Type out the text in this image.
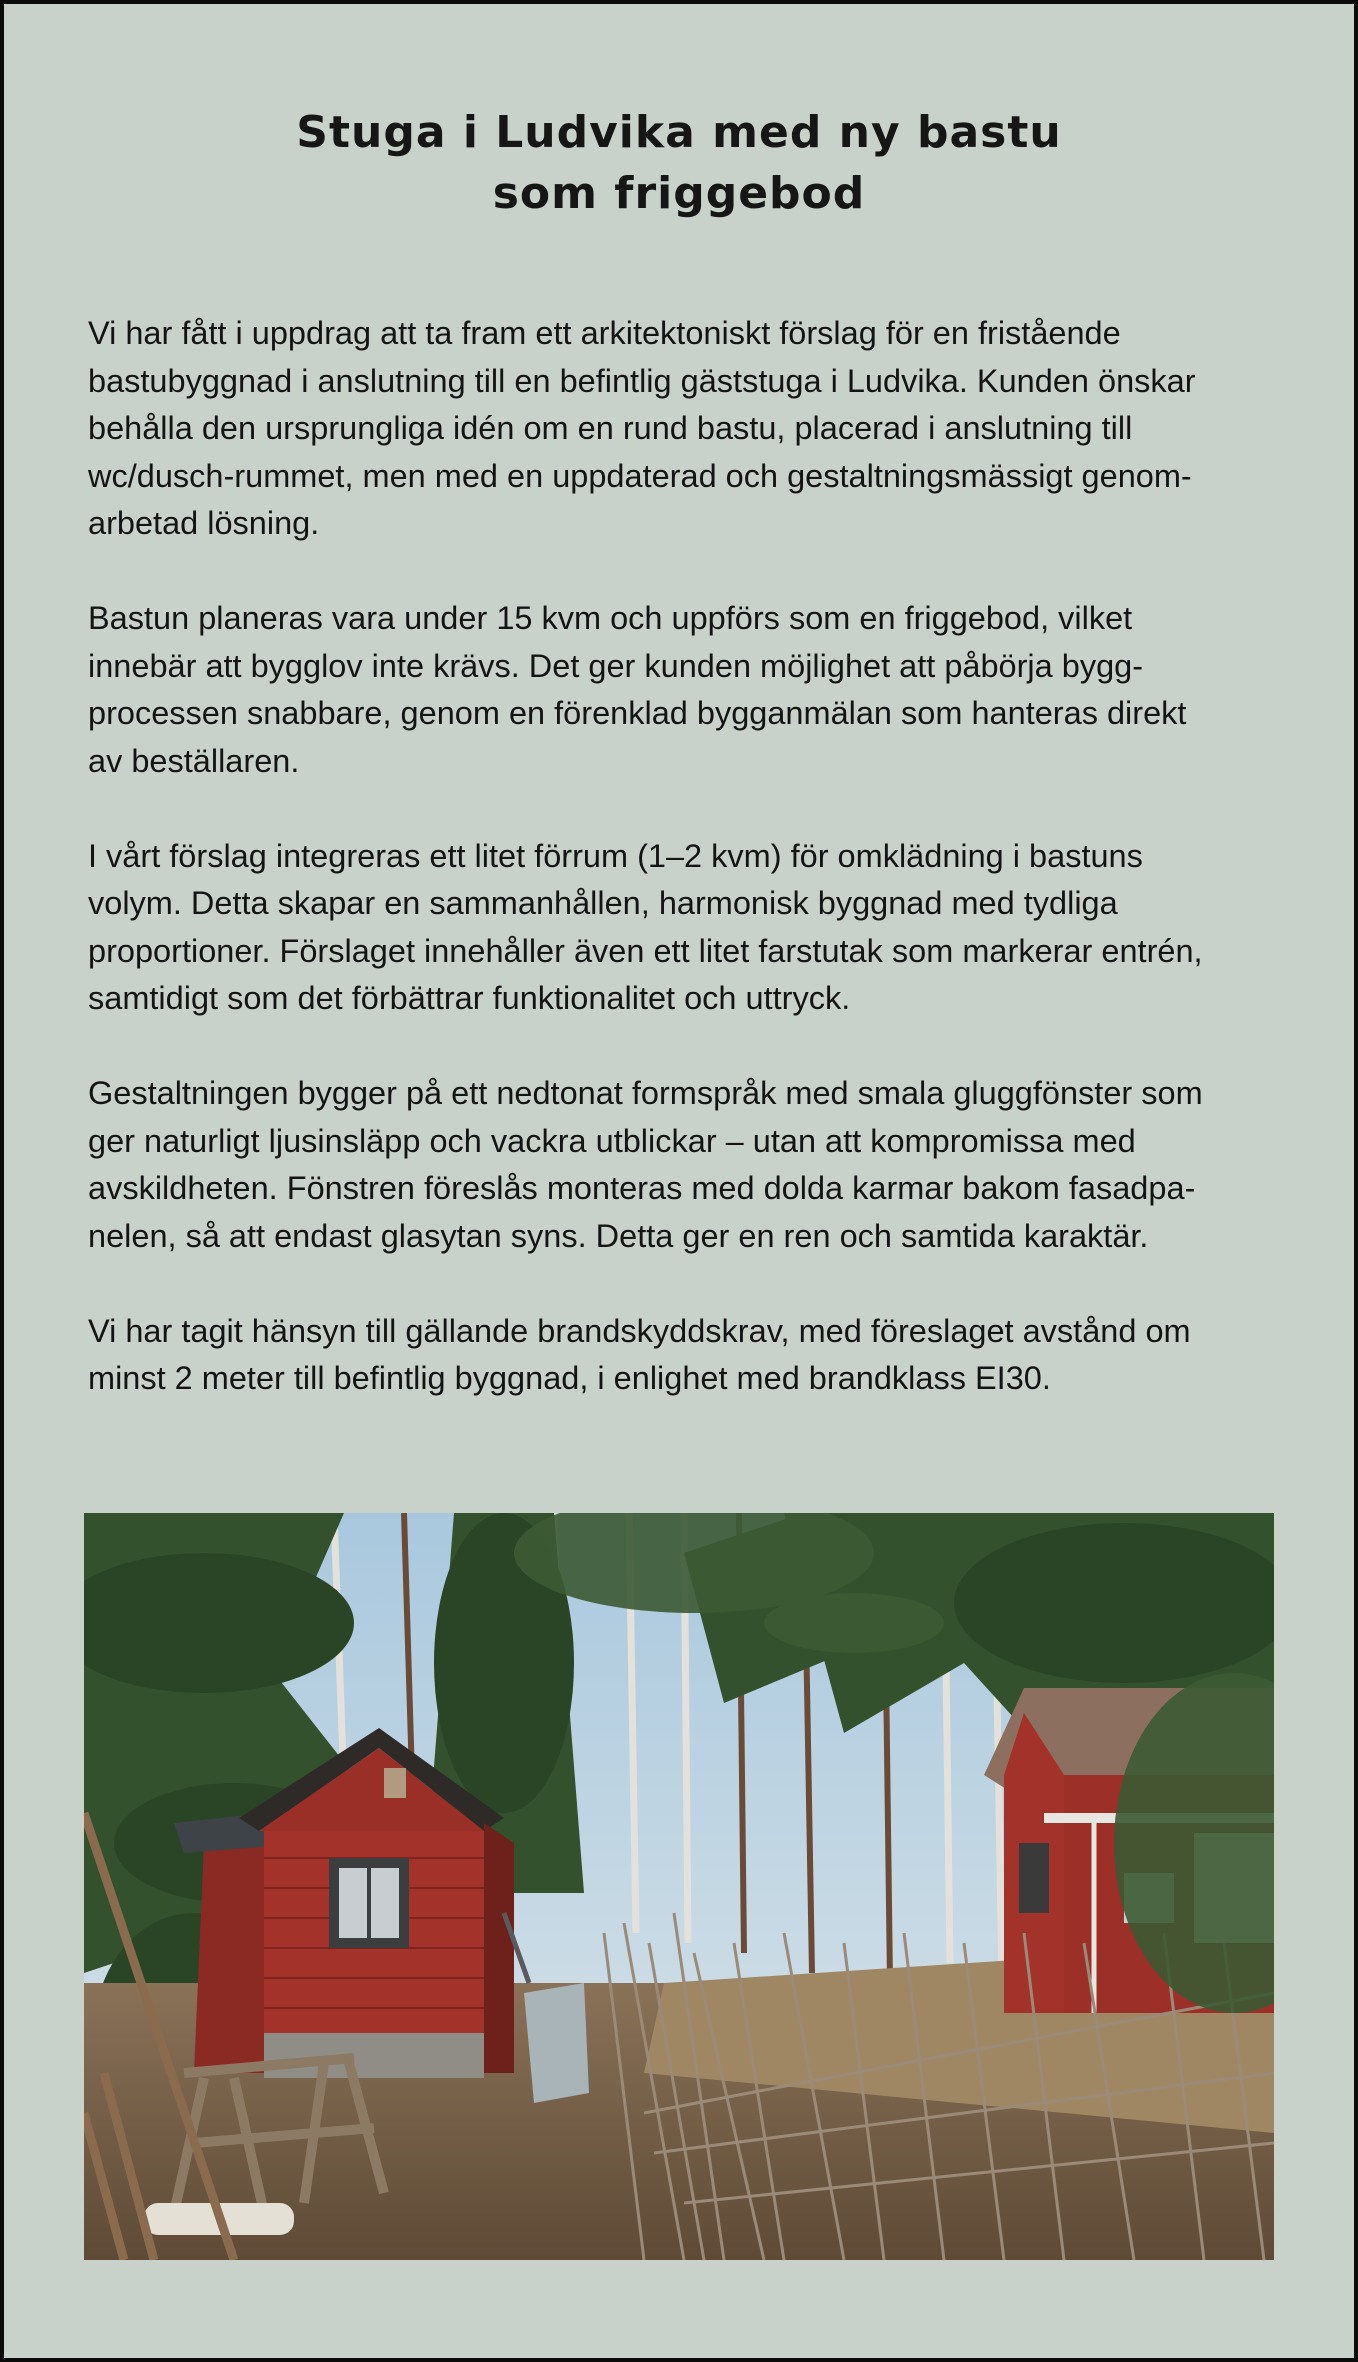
Stuga i Ludvika med ny bastu
som friggebod

Vi har fått i uppdrag att ta fram ett arkitektoniskt förslag för en fristående
bastubyggnad i anslutning till en befintlig gäststuga i Ludvika. Kunden önskar
behålla den ursprungliga idén om en rund bastu, placerad i anslutning till
wc/dusch-rummet, men med en uppdaterad och gestaltningsmässigt genom-
arbetad lösning.

Bastun planeras vara under 15 kvm och uppförs som en friggebod, vilket
innebär att bygglov inte krävs. Det ger kunden möjlighet att påbörja bygg-
processen snabbare, genom en förenklad bygganmälan som hanteras direkt
av beställaren.

I vårt förslag integreras ett litet förrum (1–2 kvm) för omklädning i bastuns
volym. Detta skapar en sammanhållen, harmonisk byggnad med tydliga
proportioner. Förslaget innehåller även ett litet farstutak som markerar entrén,
samtidigt som det förbättrar funktionalitet och uttryck.

Gestaltningen bygger på ett nedtonat formspråk med smala gluggfönster som
ger naturligt ljusinsläpp och vackra utblickar – utan att kompromissa med
avskildheten. Fönstren föreslås monteras med dolda karmar bakom fasadpa-
nelen, så att endast glasytan syns. Detta ger en ren och samtida karaktär.

Vi har tagit hänsyn till gällande brandskyddskrav, med föreslaget avstånd om
minst 2 meter till befintlig byggnad, i enlighet med brandklass EI30.
